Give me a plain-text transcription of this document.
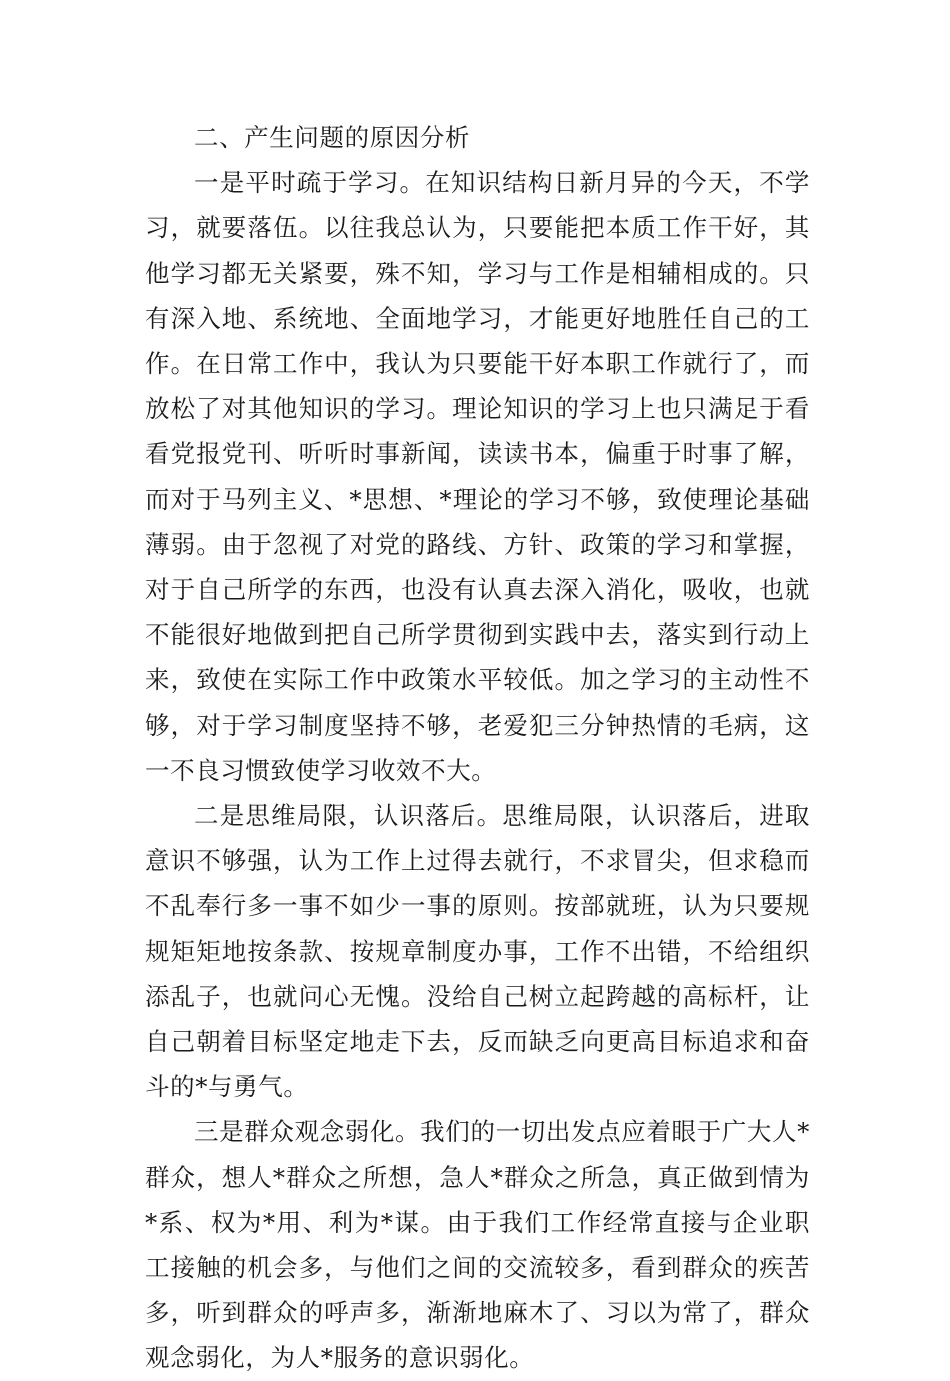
二、产生问题的原因分析

一是平时疏于学习。在知识结构日新月异的今天，不学习，就要落伍。以往我总认为，只要能把本质工作干好，其他学习都无关紧要，殊不知，学习与工作是相辅相成的。只有深入地、系统地、全面地学习，才能更好地胜任自己的工作。在日常工作中，我认为只要能干好本职工作就行了，而放松了对其他知识的学习。理论知识的学习上也只满足于看看党报党刊、听听时事新闻，读读书本，偏重于时事了解，而对于马列主义、*思想、*理论的学习不够，致使理论基础薄弱。由于忽视了对党的路线、方针、政策的学习和掌握，对于自己所学的东西，也没有认真去深入消化，吸收，也就不能很好地做到把自己所学贯彻到实践中去，落实到行动上来，致使在实际工作中政策水平较低。加之学习的主动性不够，对于学习制度坚持不够，老爱犯三分钟热情的毛病，这一不良习惯致使学习收效不大。

二是思维局限，认识落后。思维局限，认识落后，进取意识不够强，认为工作上过得去就行，不求冒尖，但求稳而不乱奉行多一事不如少一事的原则。按部就班，认为只要规规矩矩地按条款、按规章制度办事，工作不出错，不给组织添乱子，也就问心无愧。没给自己树立起跨越的高标杆，让自己朝着目标坚定地走下去，反而缺乏向更高目标追求和奋斗的*与勇气。

三是群众观念弱化。我们的一切出发点应着眼于广大人*群众，想人*群众之所想，急人*群众之所急，真正做到情为*系、权为*用、利为*谋。由于我们工作经常直接与企业职工接触的机会多，与他们之间的交流较多，看到群众的疾苦多，听到群众的呼声多，渐渐地麻木了、习以为常了，群众观念弱化，为人*服务的意识弱化。
